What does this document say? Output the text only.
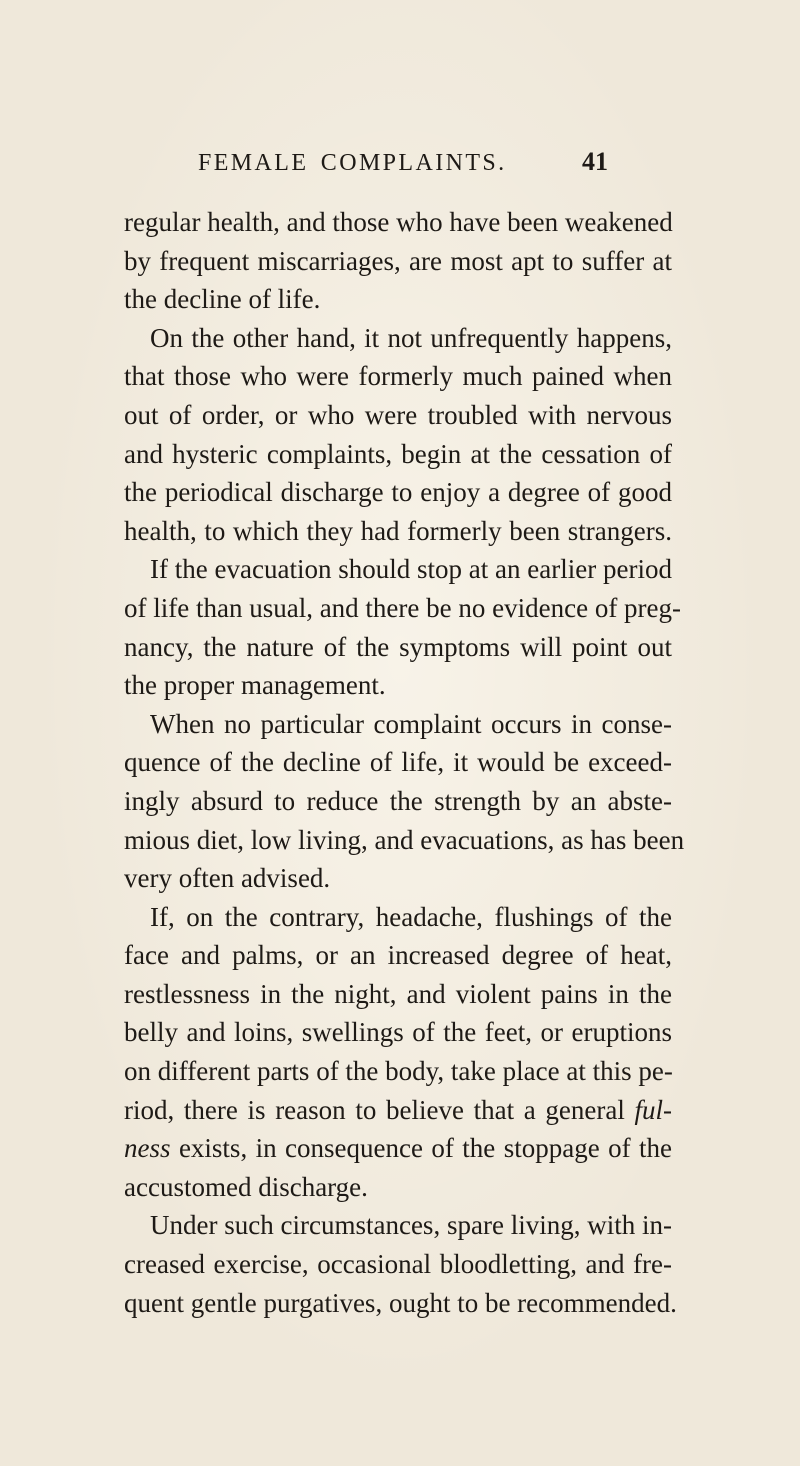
FEMALE COMPLAINTS.	41
regular health, and those who have been weakened
by frequent miscarriages, are most apt to suffer at
the decline of life.
On the other hand, it not unfrequently happens,
that those who were formerly much pained when
out of order, or who were troubled with nervous
and hysteric complaints, begin at the cessation of
the periodical discharge to enjoy a degree of good
health, to which they had formerly been strangers.
If the evacuation should stop at an earlier period
of life than usual, and there be no evidence of preg-
nancy, the nature of the symptoms will point out
the proper management.
When no particular complaint occurs in conse-
quence of the decline of life, it would be exceed-
ingly absurd to reduce the strength by an abste-
mious diet, low living, and evacuations, as has been
very often advised.
If, on the contrary, headache, flushings of the
face and palms, or an increased degree of heat,
restlessness in the night, and violent pains in the
belly and loins, swellings of the feet, or eruptions
on different parts of the body, take place at this pe-
riod, there is reason to believe that a general ful-
ness exists, in consequence of the stoppage of the
accustomed discharge.
Under such circumstances, spare living, with in-
creased exercise, occasional bloodletting, and fre-
quent gentle purgatives, ought to be recommended.
